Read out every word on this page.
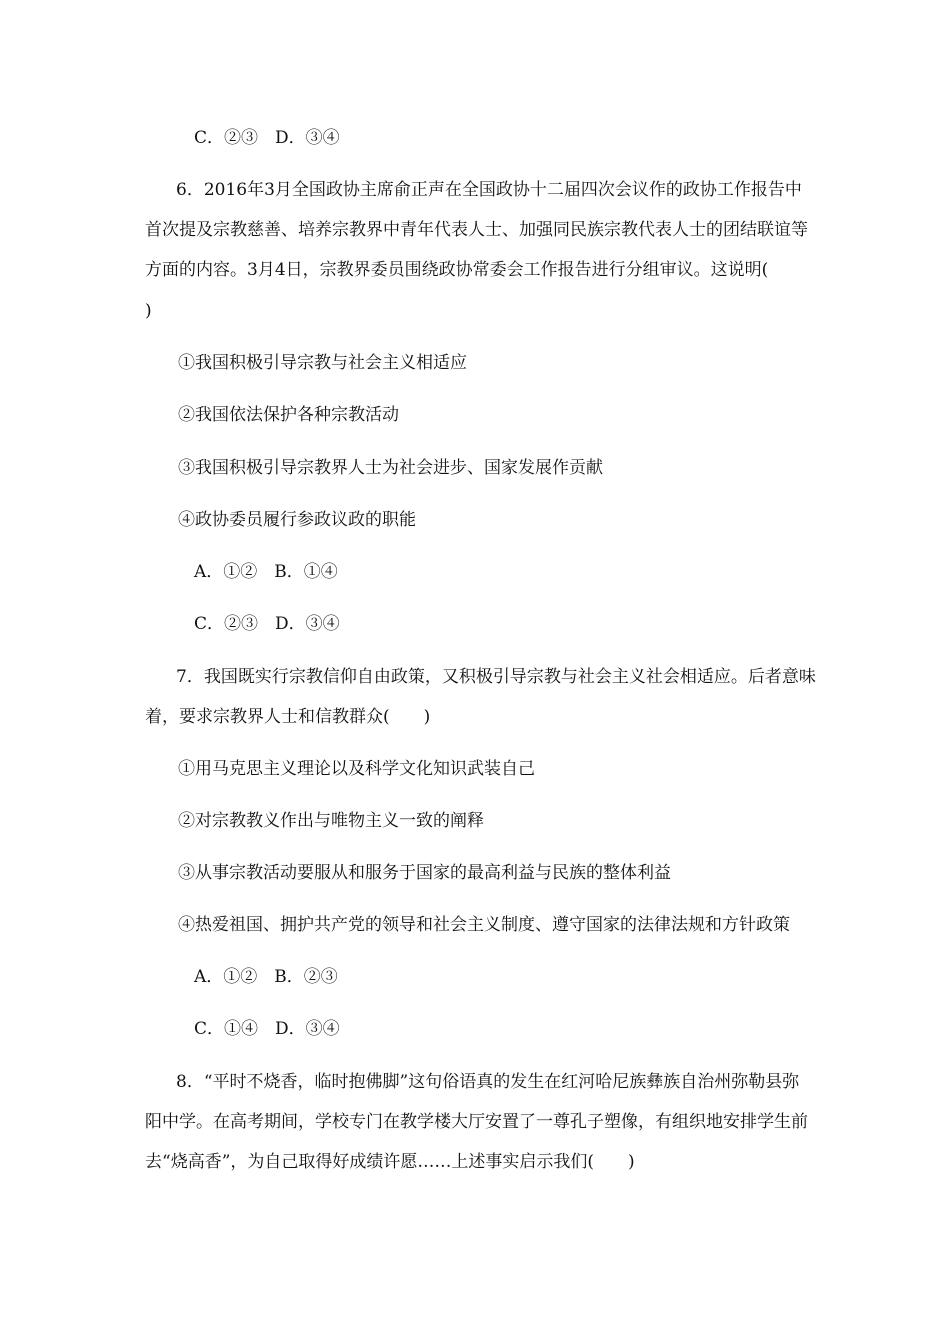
C．②③　D．③④
6．2016年3月全国政协主席俞正声在全国政协十二届四次会议作的政协工作报告中
首次提及宗教慈善、培养宗教界中青年代表人士、加强同民族宗教代表人士的团结联谊等
方面的内容。3月4日，宗教界委员围绕政协常委会工作报告进行分组审议。这说明(
)
①我国积极引导宗教与社会主义相适应
②我国依法保护各种宗教活动
③我国积极引导宗教界人士为社会进步、国家发展作贡献
④政协委员履行参政议政的职能
A．①②　B．①④
C．②③　D．③④
7．我国既实行宗教信仰自由政策，又积极引导宗教与社会主义社会相适应。后者意味
着，要求宗教界人士和信教群众(　　)
①用马克思主义理论以及科学文化知识武装自己
②对宗教教义作出与唯物主义一致的阐释
③从事宗教活动要服从和服务于国家的最高利益与民族的整体利益
④热爱祖国、拥护共产党的领导和社会主义制度、遵守国家的法律法规和方针政策
A．①②　B．②③
C．①④　D．③④
8．“平时不烧香，临时抱佛脚”这句俗语真的发生在红河哈尼族彝族自治州弥勒县弥
阳中学。在高考期间，学校专门在教学楼大厅安置了一尊孔子塑像，有组织地安排学生前
去“烧高香”，为自己取得好成绩许愿……上述事实启示我们(　　)
